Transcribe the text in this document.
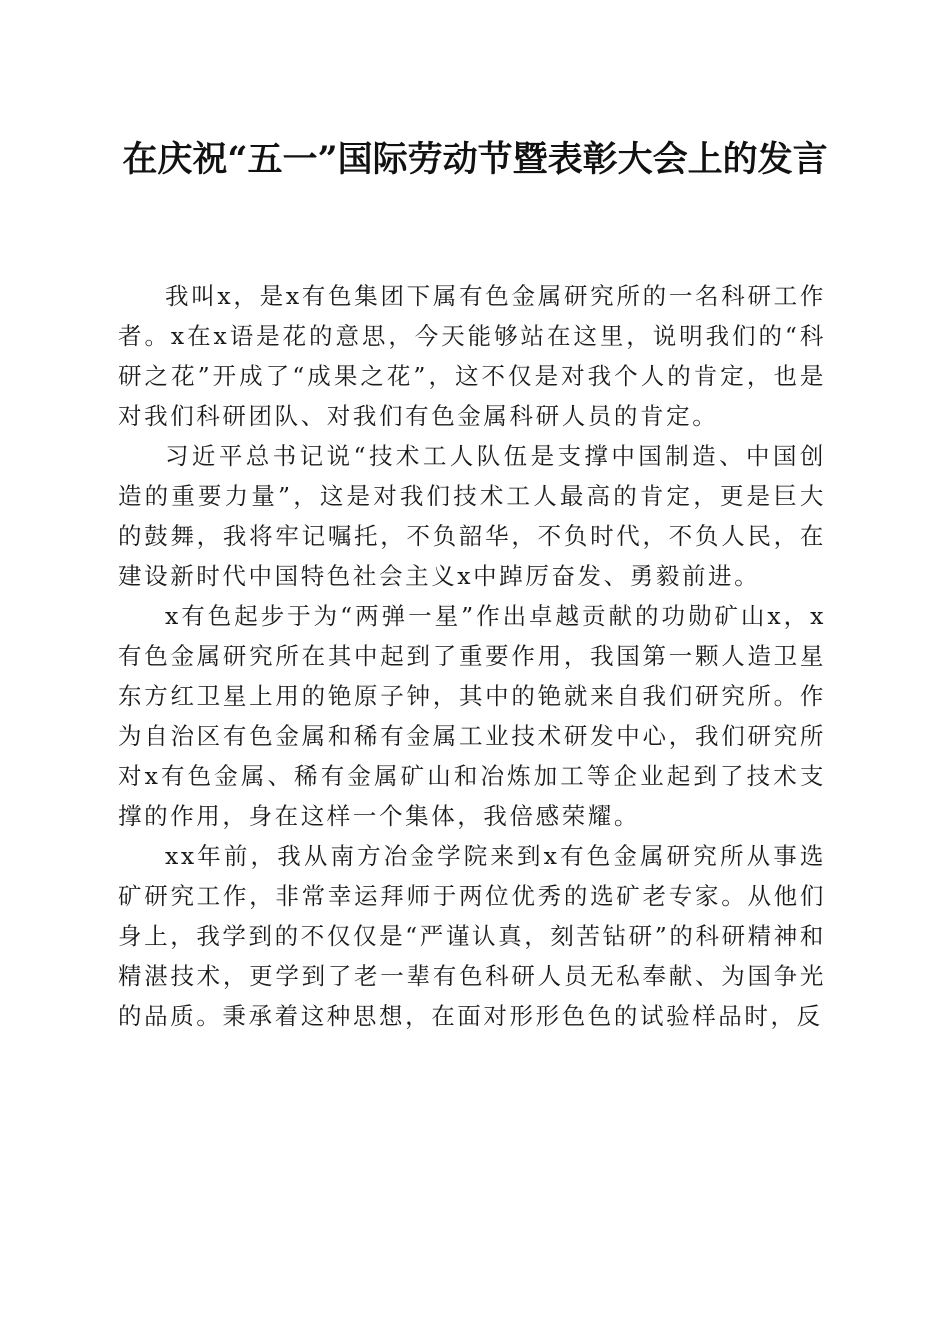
在庆祝“五一”国际劳动节暨表彰大会上的发言

我叫x，是x有色集团下属有色金属研究所的一名科研工作者。x在x语是花的意思，今天能够站在这里，说明我们的“科研之花”开成了“成果之花”，这不仅是对我个人的肯定，也是对我们科研团队、对我们有色金属科研人员的肯定。

习近平总书记说“技术工人队伍是支撑中国制造、中国创造的重要力量”，这是对我们技术工人最高的肯定，更是巨大的鼓舞，我将牢记嘱托，不负韶华，不负时代，不负人民，在建设新时代中国特色社会主义x中踔厉奋发、勇毅前进。

x有色起步于为“两弹一星”作出卓越贡献的功勋矿山x，x有色金属研究所在其中起到了重要作用，我国第一颗人造卫星东方红卫星上用的铯原子钟，其中的铯就来自我们研究所。作为自治区有色金属和稀有金属工业技术研发中心，我们研究所对x有色金属、稀有金属矿山和冶炼加工等企业起到了技术支撑的作用，身在这样一个集体，我倍感荣耀。

xx年前，我从南方冶金学院来到x有色金属研究所从事选矿研究工作，非常幸运拜师于两位优秀的选矿老专家。从他们身上，我学到的不仅仅是“严谨认真，刻苦钻研”的科研精神和精湛技术，更学到了老一辈有色科研人员无私奉献、为国争光的品质。秉承着这种思想，在面对形形色色的试验样品时，反
